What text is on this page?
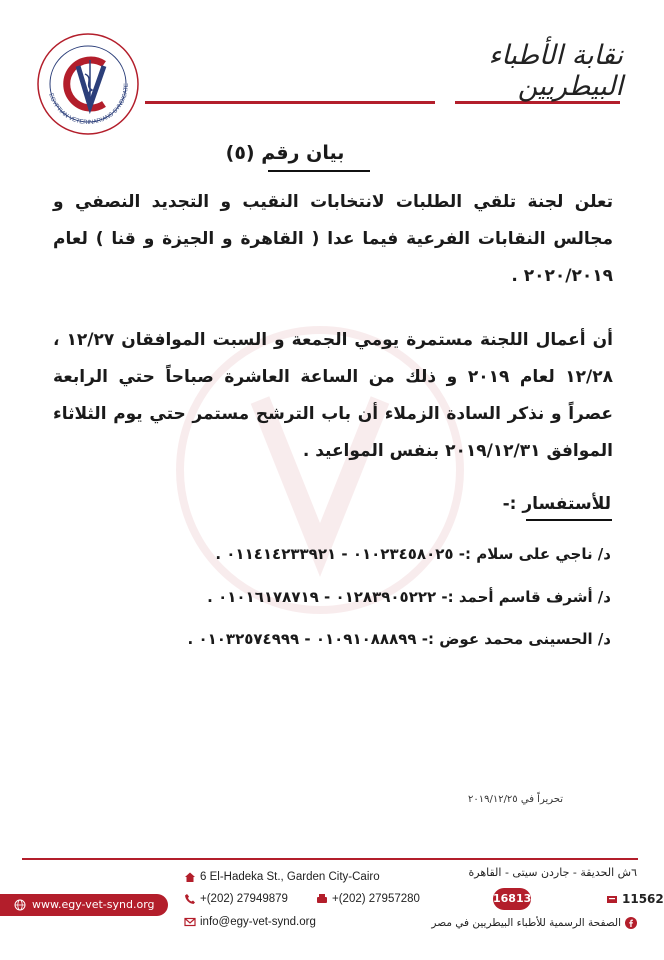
EGYPTIAN VETERINARIANS SYNDICATE
نقابة الأطباء البيطريين
بيان رقم (٥)
تعلن لجنة تلقي الطلبات لانتخابات النقيب و التجديد النصفي و مجالس النقابات الفرعية فيما عدا ( القاهرة و الجيزة و قنا ) لعام ٢٠٢٠/٢٠١٩ .
أن أعمال اللجنة مستمرة يومي الجمعة و السبت الموافقان ١٢/٢٧ ، ١٢/٢٨ لعام ٢٠١٩ و ذلك من الساعة العاشرة صباحاً حتي الرابعة عصراً و نذكر السادة الزملاء أن باب الترشح مستمر حتي يوم الثلاثاء الموافق ٢٠١٩/١٢/٣١ بنفس المواعيد .
للأستفسار :-
د/ ناجي على سلام :- ٠١٠٢٣٤٥٨٠٢٥ - ٠١١٤١٤٢٣٣٩٢١ .
د/ أشرف قاسم أحمد :- ٠١٢٨٣٩٠٥٢٢٢ - ٠١٠١٦١٧٨٧١٩ .
د/ الحسينى محمد عوض :- ٠١٠٩١٠٨٨٨٩٩ - ٠١٠٣٢٥٧٤٩٩٩ .
تحريراً في ٢٠١٩/١٢/٢٥
www.egy-vet-synd.org
6 El-Hadeka St., Garden City-Cairo
+(202) 27949879	+(202) 27957280
info@egy-vet-synd.org
٦ش الحديقة - جاردن سيتى - القاهرة
16813	11562
الصفحة الرسمية للأطباء البيطريين في مصر
